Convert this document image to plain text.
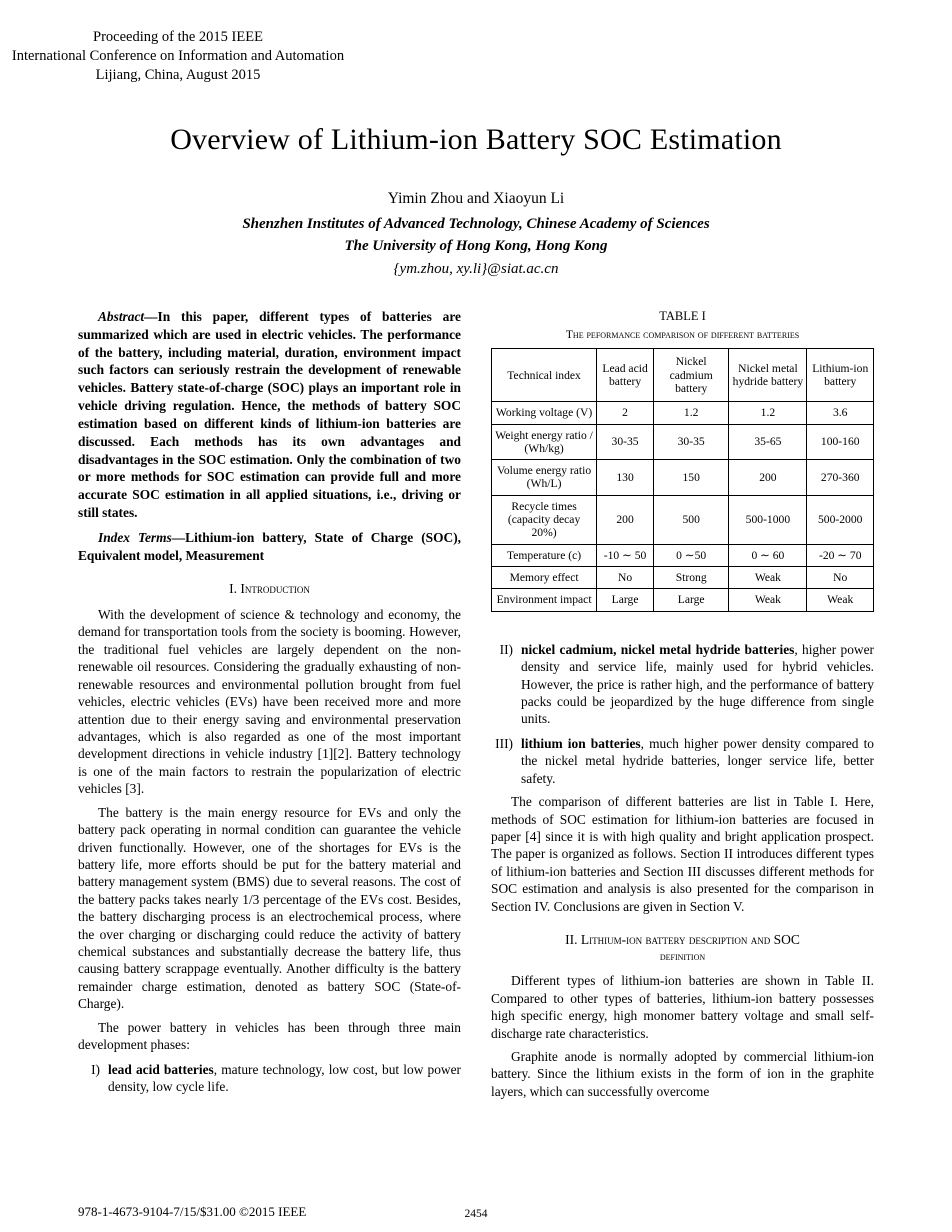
Proceeding of the 2015 IEEE
International Conference on Information and Automation
Lijiang, China, August 2015
Overview of Lithium-ion Battery SOC Estimation
Yimin Zhou and Xiaoyun Li
Shenzhen Institutes of Advanced Technology, Chinese Academy of Sciences
The University of Hong Kong, Hong Kong
{ym.zhou, xy.li}@siat.ac.cn
Abstract—In this paper, different types of batteries are summarized which are used in electric vehicles. The performance of the battery, including material, duration, environment impact such factors can seriously restrain the development of renewable vehicles. Battery state-of-charge (SOC) plays an important role in vehicle driving regulation. Hence, the methods of battery SOC estimation based on different kinds of lithium-ion batteries are discussed. Each methods has its own advantages and disadvantages in the SOC estimation. Only the combination of two or more methods for SOC estimation can provide full and more accurate SOC estimation in all applied situations, i.e., driving or still states.
Index Terms—Lithium-ion battery, State of Charge (SOC), Equivalent model, Measurement
I. Introduction

With the development of science & technology and economy, the demand for transportation tools from the society is booming. However, the traditional fuel vehicles are largely dependent on the non-renewable oil resources. Considering the gradually exhausting of non-renewable resources and environmental pollution brought from fuel vehicles, electric vehicles (EVs) have been received more and more attention due to their energy saving and environmental preservation advantages, which is also regarded as one of the most important development directions in vehicle industry [1][2]. Battery technology is one of the main factors to restrain the popularization of electric vehicles [3].

The battery is the main energy resource for EVs and only the battery pack operating in normal condition can guarantee the vehicle driven functionally. However, one of the shortages for EVs is the battery life, more efforts should be put for the battery material and battery management system (BMS) due to several reasons. The cost of the battery packs takes nearly 1/3 percentage of the EVs cost. Besides, the battery discharging process is an electrochemical process, where the over charging or discharging could reduce the activity of battery chemical substances and substantially decrease the battery life, thus causing battery scrappage eventually. Another difficulty is the battery remainder charge estimation, denoted as battery SOC (State-of-Charge).

The power battery in vehicles has been through three main development phases:

I) lead acid batteries, mature technology, low cost, but low power density, low cycle life.
TABLE I
The peformance comparison of different batteries
Technical index	Lead acid battery	Nickel cadmium battery	Nickel metal hydride battery	Lithium-ion battery
Working voltage (V)	2	1.2	1.2	3.6
Weight energy ratio / (Wh/kg)	30-35	30-35	35-65	100-160
Volume energy ratio (Wh/L)	130	150	200	270-360
Recycle times (capacity decay 20%)	200	500	500-1000	500-2000
Temperature (c)	-10 ∼ 50	0 ∼50	0 ∼ 60	-20 ∼ 70
Memory effect	No	Strong	Weak	No
Environment impact	Large	Large	Weak	Weak
II) nickel cadmium, nickel metal hydride batteries, higher power density and service life, mainly used for hybrid vehicles. However, the price is rather high, and the performance of battery packs could be jeopardized by the huge difference from single units.
III) lithium ion batteries, much higher power density compared to the nickel metal hydride batteries, longer service life, better safety.

The comparison of different batteries are list in Table I. Here, methods of SOC estimation for lithium-ion batteries are focused in paper [4] since it is with high quality and bright application prospect. The paper is organized as follows. Section II introduces different types of lithium-ion batteries and Section III discusses different methods for SOC estimation and analysis is also presented for the comparison in Section IV. Conclusions are given in Section V.

II. Lithium-ion battery description and SOC
definition

Different types of lithium-ion batteries are shown in Table II. Compared to other types of batteries, lithium-ion battery possesses high specific energy, high monomer battery voltage and small self-discharge rate characteristics.

Graphite anode is normally adopted by commercial lithium-ion battery. Since the lithium exists in the form of ion in the graphite layers, which can successfully overcome

978-1-4673-9104-7/15/$31.00 ©2015 IEEE	2454
